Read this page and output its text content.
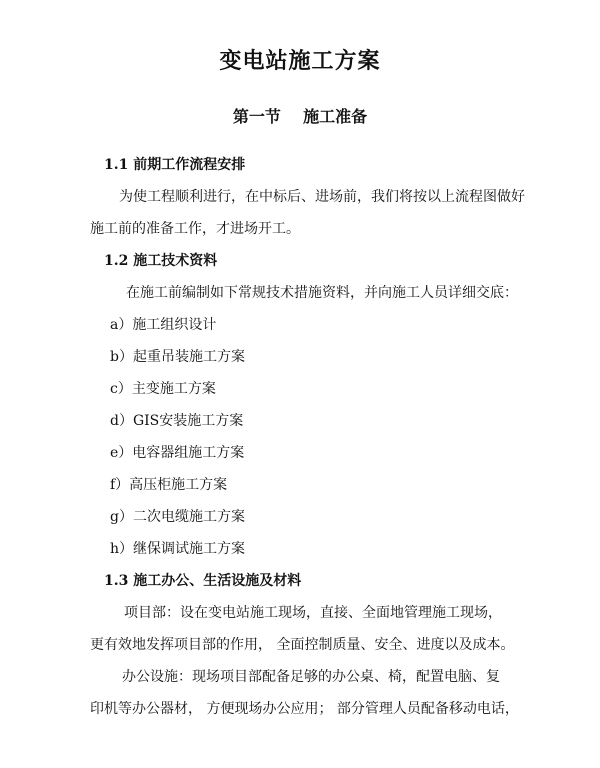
变电站施工方案
第一节    施工准备
1.1 前期工作流程安排
为使工程顺利进行，在中标后、进场前，我们将按以上流程图做好
施工前的准备工作，才进场开工。
1.2 施工技术资料
在施工前编制如下常规技术措施资料，并向施工人员详细交底：
a）施工组织设计
b）起重吊装施工方案
c）主变施工方案
d）GIS安装施工方案
e）电容器组施工方案
f）高压柜施工方案
g）二次电缆施工方案
h）继保调试施工方案
1.3 施工办公、生活设施及材料
项目部：设在变电站施工现场，直接、全面地管理施工现场，
更有效地发挥项目部的作用， 全面控制质量、安全、进度以及成本。
办公设施：现场项目部配备足够的办公桌、椅，配置电脑、复
印机等办公器材， 方便现场办公应用； 部分管理人员配备移动电话，
